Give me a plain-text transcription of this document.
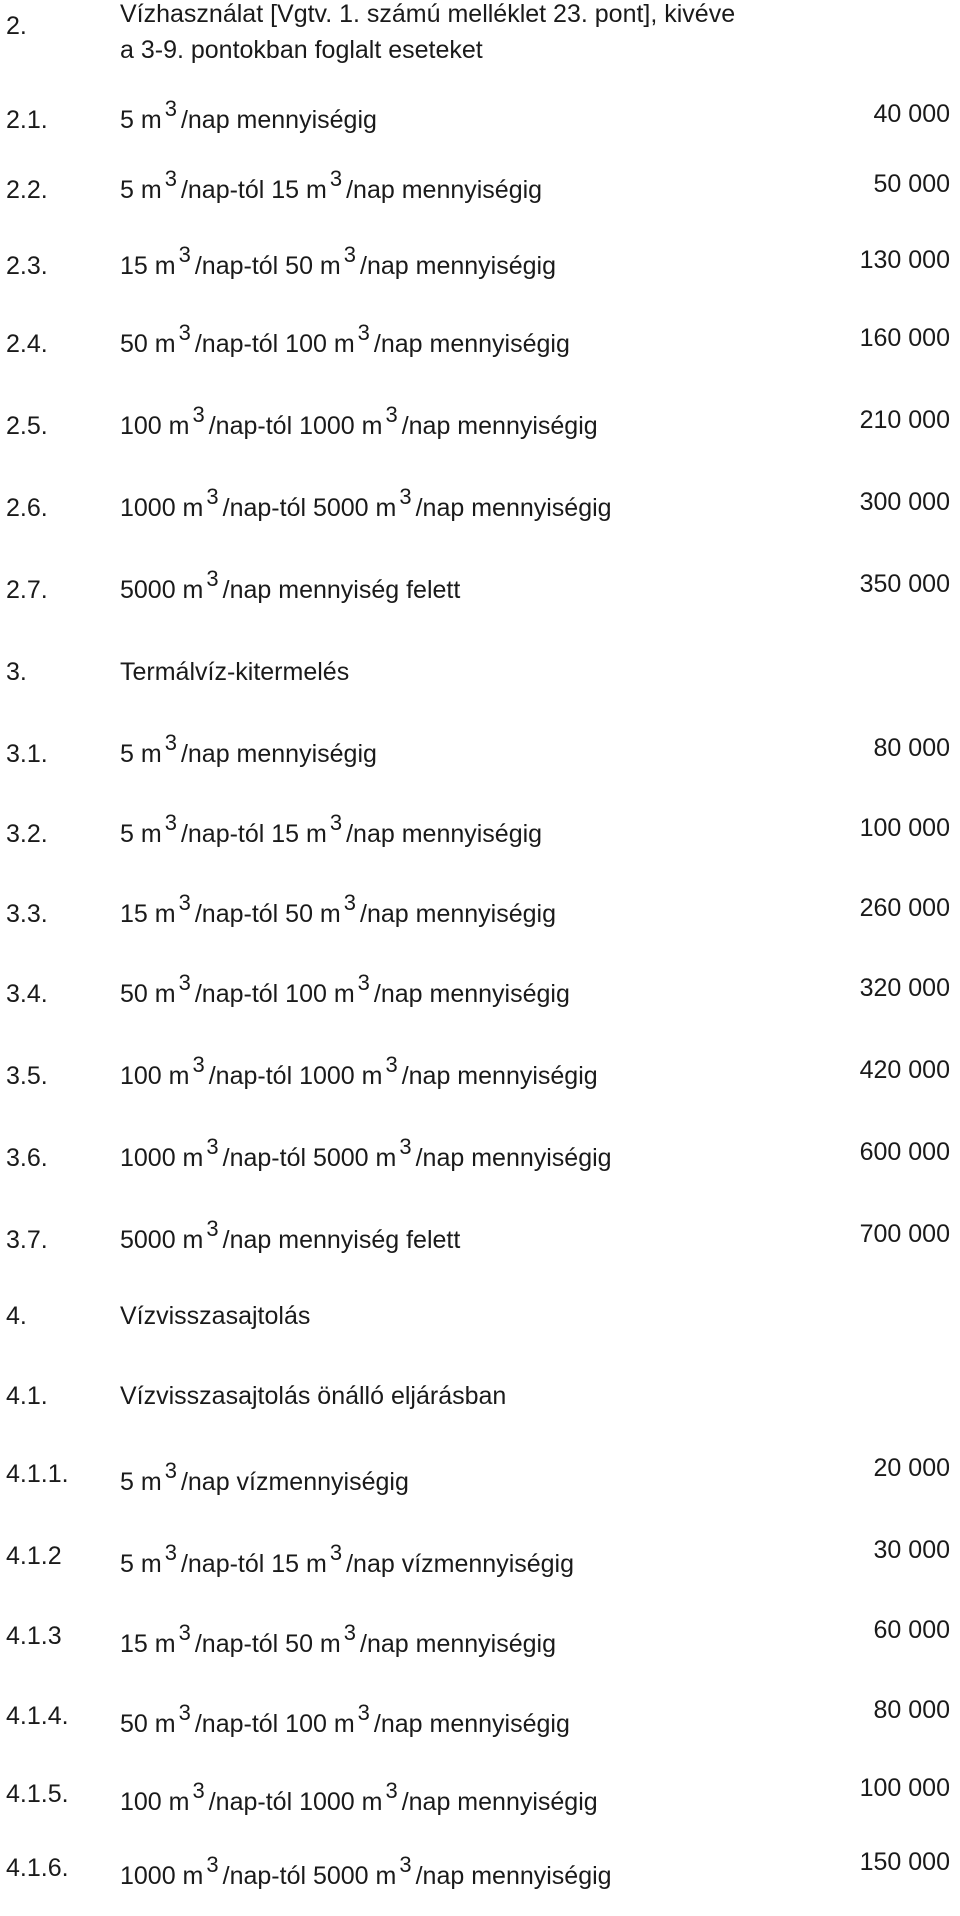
2.	Vízhasználat [Vgtv. 1. számú melléklet 23. pont], kivéve
a 3-9. pontokban foglalt eseteket
2.1.	5 m 3 /nap mennyiségig	40 000
2.2.	5 m 3 /nap-tól 15 m 3 /nap mennyiségig	50 000
2.3.	15 m 3 /nap-tól 50 m 3 /nap mennyiségig	130 000
2.4.	50 m 3 /nap-tól 100 m 3 /nap mennyiségig	160 000
2.5.	100 m 3 /nap-tól 1000 m 3 /nap mennyiségig	210 000
2.6.	1000 m 3 /nap-tól 5000 m 3 /nap mennyiségig	300 000
2.7.	5000 m 3 /nap mennyiség felett	350 000
3.	Termálvíz-kitermelés
3.1.	5 m 3 /nap mennyiségig	80 000
3.2.	5 m 3 /nap-tól 15 m 3 /nap mennyiségig	100 000
3.3.	15 m 3 /nap-tól 50 m 3 /nap mennyiségig	260 000
3.4.	50 m 3 /nap-tól 100 m 3 /nap mennyiségig	320 000
3.5.	100 m 3 /nap-tól 1000 m 3 /nap mennyiségig	420 000
3.6.	1000 m 3 /nap-tól 5000 m 3 /nap mennyiségig	600 000
3.7.	5000 m 3 /nap mennyiség felett	700 000
4.	Vízvisszasajtolás
4.1.	Vízvisszasajtolás önálló eljárásban
4.1.1. 5 m 3 /nap vízmennyiségig	20 000
4.1.2 5 m 3 /nap-tól 15 m 3 /nap vízmennyiségig	30 000
4.1.3 15 m 3 /nap-tól 50 m 3 /nap mennyiségig	60 000
4.1.4. 50 m 3 /nap-tól 100 m 3 /nap mennyiségig	80 000
4.1.5. 100 m 3 /nap-tól 1000 m 3 /nap mennyiségig	100 000
4.1.6. 1000 m 3 /nap-tól 5000 m 3 /nap mennyiségig	150 000
